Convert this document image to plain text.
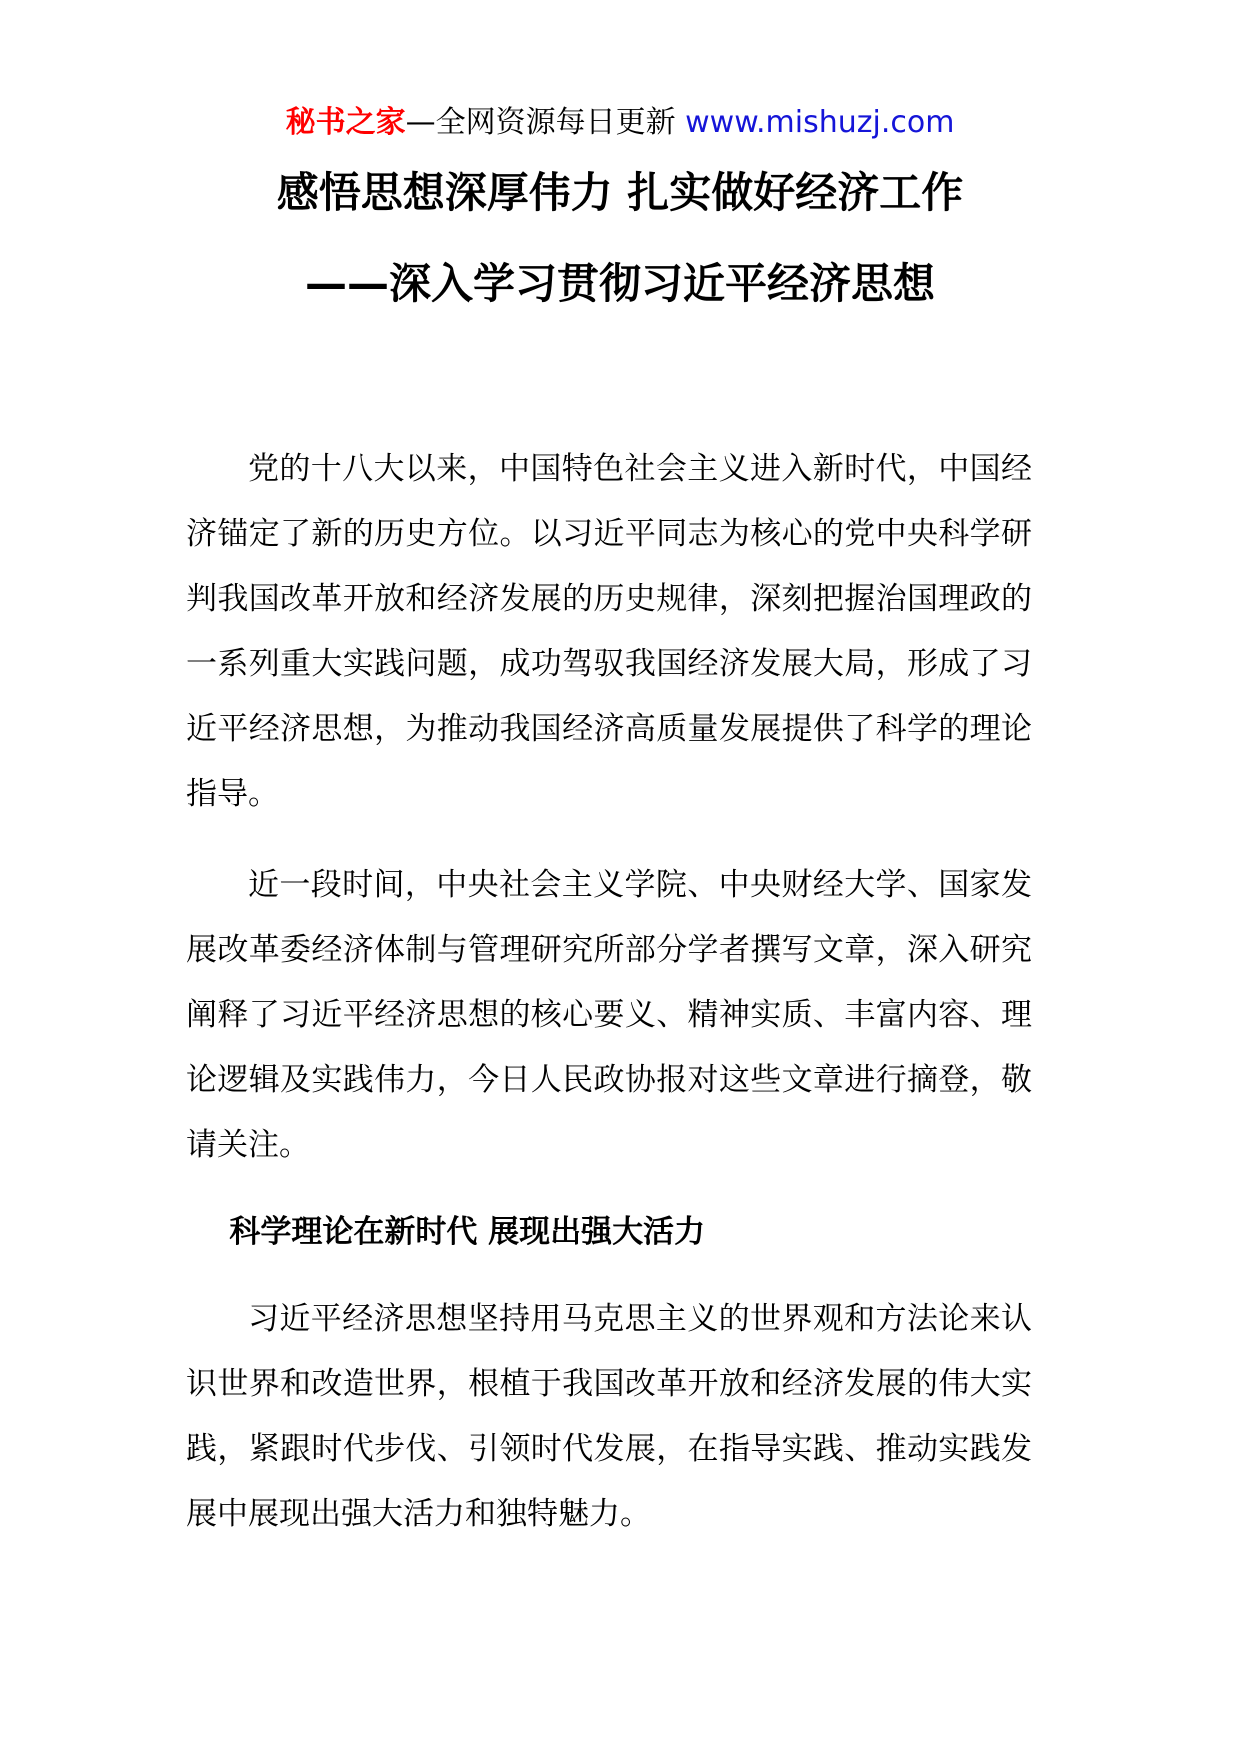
秘书之家—全网资源每日更新 www.mishuzj.com
感悟思想深厚伟力 扎实做好经济工作
——深入学习贯彻习近平经济思想

党的十八大以来，中国特色社会主义进入新时代，中国经济锚定了新的历史方位。以习近平同志为核心的党中央科学研判我国改革开放和经济发展的历史规律，深刻把握治国理政的一系列重大实践问题，成功驾驭我国经济发展大局，形成了习近平经济思想，为推动我国经济高质量发展提供了科学的理论指导。

近一段时间，中央社会主义学院、中央财经大学、国家发展改革委经济体制与管理研究所部分学者撰写文章，深入研究阐释了习近平经济思想的核心要义、精神实质、丰富内容、理论逻辑及实践伟力，今日人民政协报对这些文章进行摘登，敬请关注。

科学理论在新时代 展现出强大活力

习近平经济思想坚持用马克思主义的世界观和方法论来认识世界和改造世界，根植于我国改革开放和经济发展的伟大实践，紧跟时代步伐、引领时代发展，在指导实践、推动实践发展中展现出强大活力和独特魅力。
